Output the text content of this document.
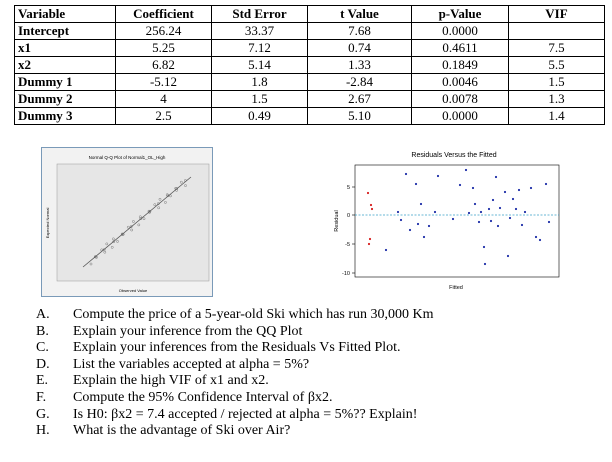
Variable	Coefficient	Std Error	t Value	p-Value	VIF
Intercept	256.24	33.37	7.68	0.0000	
x1	5.25	7.12	0.74	0.4611	7.5
x2	6.82	5.14	1.33	0.1849	5.5
Dummy 1	-5.12	1.8	-2.84	0.0046	1.5
Dummy 2	4	1.5	2.67	0.0078	1.3
Dummy 3	2.5	0.49	5.10	0.0000	1.4
Normal Q-Q Plot of Normal1_OL_High
Observed Value
Expected Normal
Residuals Versus the Fitted
5
0
-5
-10
Residual
Fitted
A. Compute the price of a 5-year-old Ski which has run 30,000 Km
B. Explain your inference from the QQ Plot
C. Explain your inferences from the Residuals Vs Fitted Plot.
D. List the variables accepted at alpha = 5%?
E. Explain the high VIF of x1 and x2.
F. Compute the 95% Confidence Interval of βx2.
G. Is H0: βx2 = 7.4 accepted / rejected at alpha = 5%?? Explain!
H. What is the advantage of Ski over Air?
